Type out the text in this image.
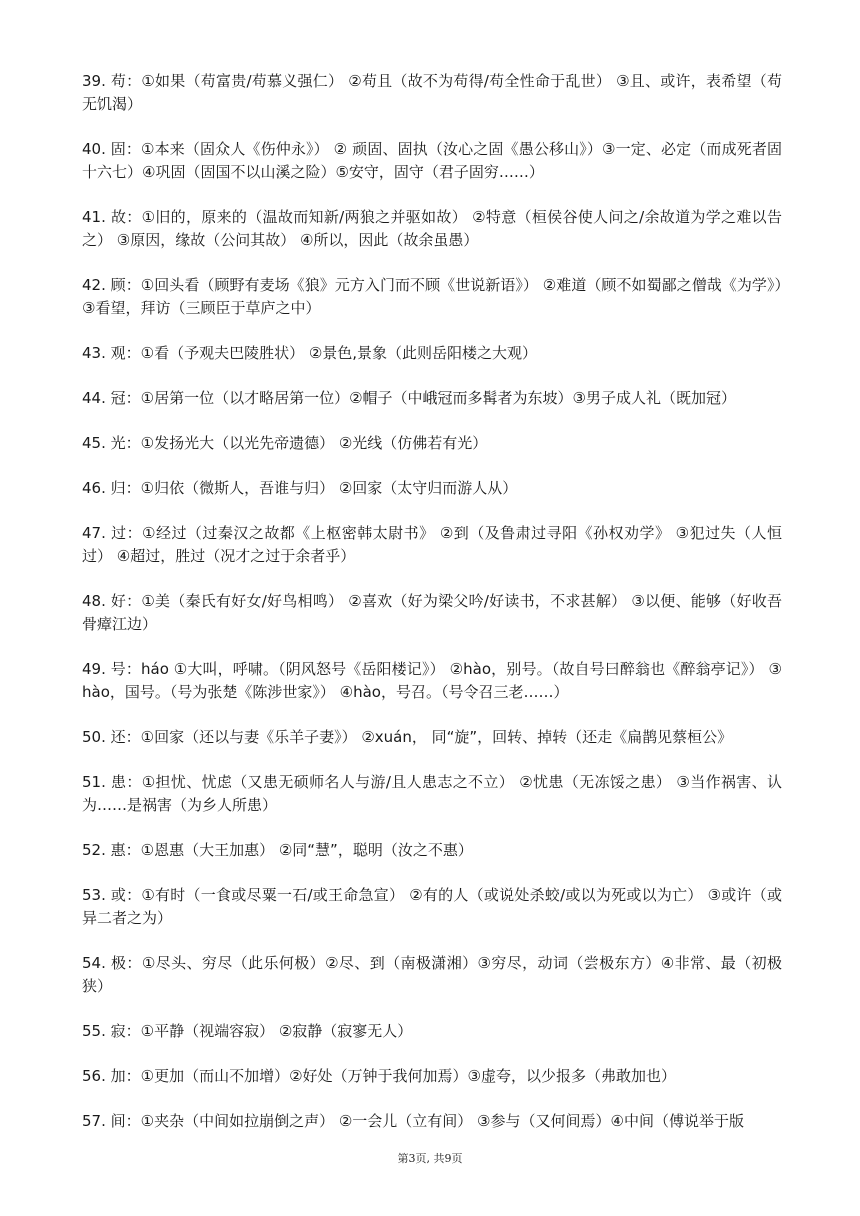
39. 苟：①如果（苟富贵/苟慕义强仁） ②苟且（故不为苟得/苟全性命于乱世） ③且、或许，表希望（苟无饥渴）

40. 固：①本来（固众人《伤仲永》） ② 顽固、固执（汝心之固《愚公移山》）③一定、必定（而成死者固十六七）④巩固（固国不以山溪之险）⑤安守，固守（君子固穷……）

41. 故：①旧的，原来的（温故而知新/两狼之并驱如故） ②特意（桓侯谷使人问之/余故道为学之难以告之） ③原因，缘故（公问其故） ④所以，因此（故余虽愚）

42. 顾：①回头看（顾野有麦场《狼》元方入门而不顾《世说新语》） ②难道（顾不如蜀鄙之僧哉《为学》）③看望，拜访（三顾臣于草庐之中）

43. 观：①看（予观夫巴陵胜状） ②景色,景象（此则岳阳楼之大观）

44. 冠：①居第一位（以才略居第一位）②帽子（中峨冠而多髯者为东坡）③男子成人礼（既加冠）

45. 光：①发扬光大（以光先帝遗德） ②光线（仿佛若有光）

46. 归：①归依（微斯人，吾谁与归） ②回家（太守归而游人从）

47. 过：①经过（过秦汉之故都《上枢密韩太尉书》 ②到（及鲁肃过寻阳《孙权劝学》 ③犯过失（人恒过） ④超过，胜过（况才之过于余者乎）

48. 好：①美（秦氏有好女/好鸟相鸣） ②喜欢（好为梁父吟/好读书，不求甚解） ③以便、能够（好收吾骨瘴江边）

49. 号：háo ①大叫，呼啸。（阴风怒号《岳阳楼记》） ②hào，别号。（故自号曰醉翁也《醉翁亭记》） ③hào，国号。（号为张楚《陈涉世家》） ④hào，号召。（号令召三老……）

50. 还：①回家（还以与妻《乐羊子妻》） ②xuán， 同“旋”，回转、掉转（还走《扁鹊见蔡桓公》

51. 患：①担忧、忧虑（又患无硕师名人与游/且人患志之不立） ②忧患（无冻馁之患） ③当作祸害、认为……是祸害（为乡人所患）

52. 惠：①恩惠（大王加惠） ②同“慧”，聪明（汝之不惠）

53. 或：①有时（一食或尽粟一石/或王命急宣） ②有的人（或说处杀蛟/或以为死或以为亡） ③或许（或异二者之为）

54. 极：①尽头、穷尽（此乐何极）②尽、到（南极潇湘）③穷尽，动词（尝极东方）④非常、最（初极狭）

55. 寂：①平静（视端容寂） ②寂静（寂寥无人）

56. 加：①更加（而山不加增）②好处（万钟于我何加焉）③虚夸，以少报多（弗敢加也）

57. 间：①夹杂（中间如拉崩倒之声） ②一会儿（立有间） ③参与（又何间焉）④中间（傅说举于版

第3页, 共9页
